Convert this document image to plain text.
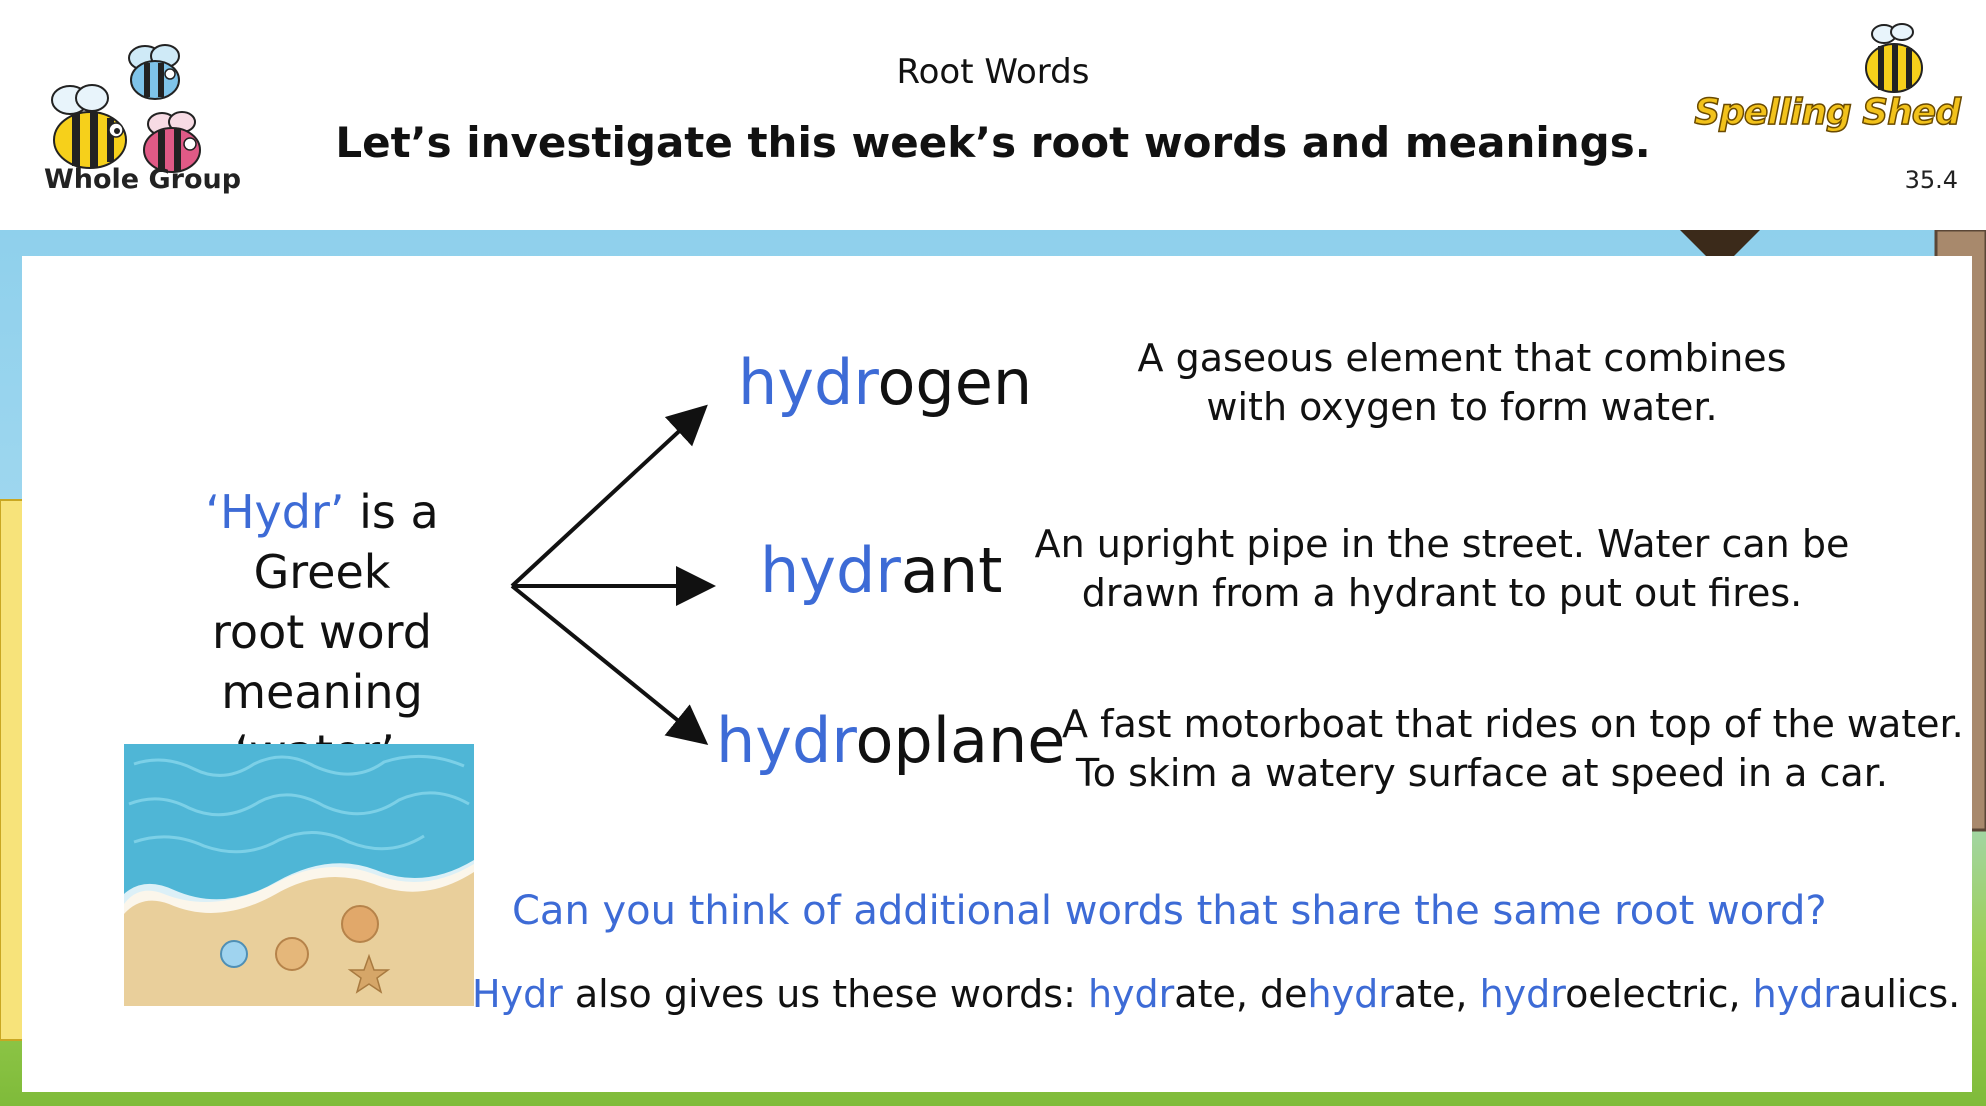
Whole Group
Root Words
Let’s investigate this week’s root words and meanings.
Spelling Shed
35.4
‘Hydr’ is a Greek
root word
meaning
hydrogen
hydrant
hydroplane
A gaseous element that combines
with oxygen to form water.
An upright pipe in the street. Water can be
drawn from a hydrant to put out fires.
A fast motorboat that rides on top of the water.
To skim a watery surface at speed in a car.
Can you think of additional words that share the same root word?
Hydr also gives us these words: hydrate, dehydrate, hydroelectric, hydraulics.
